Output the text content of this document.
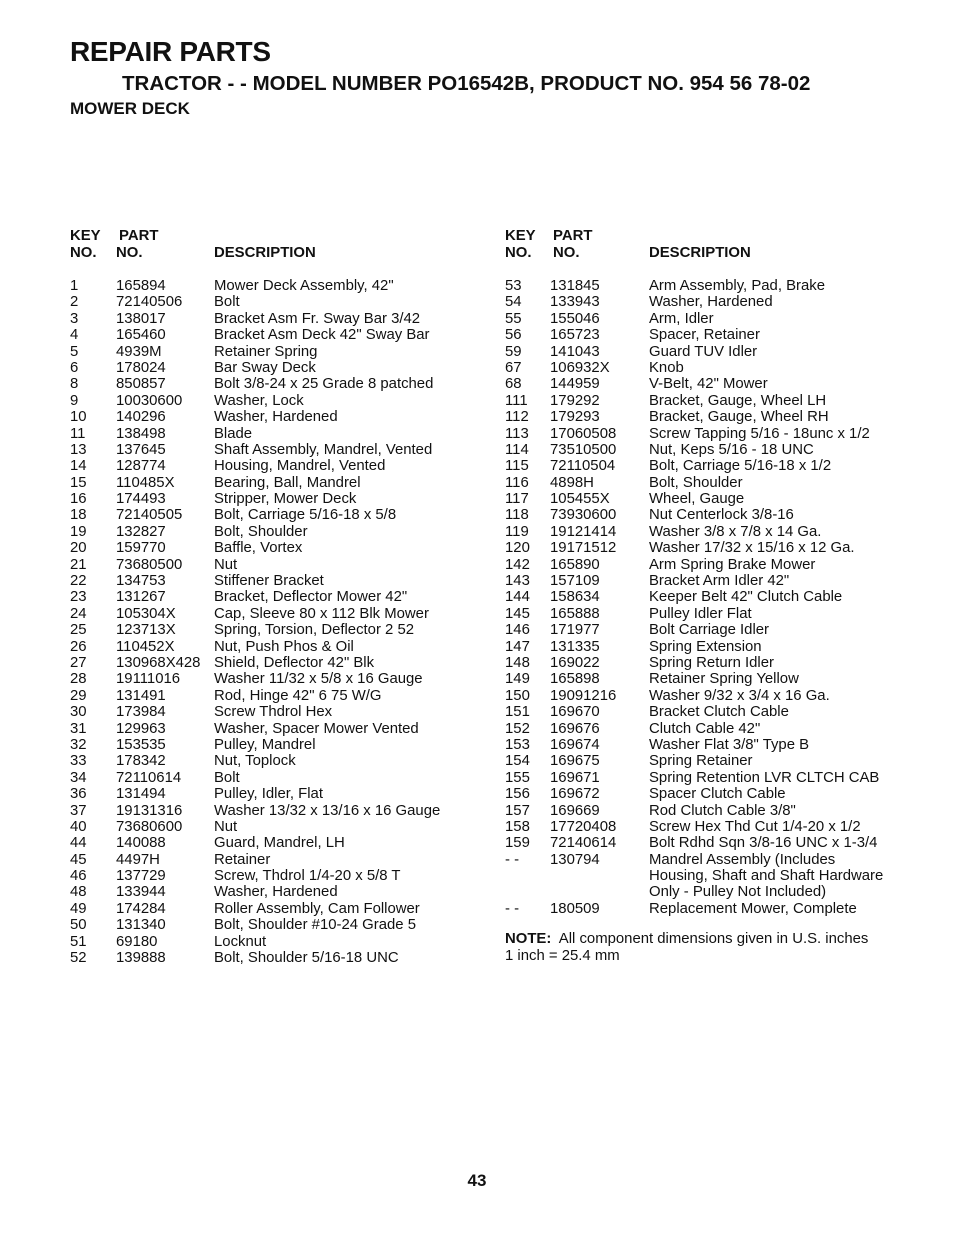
REPAIR PARTS
TRACTOR - - MODEL NUMBER PO16542B, PRODUCT NO. 954 56 78-02
MOWER DECK
KEY
NO.
PART
NO.	DESCRIPTION
1	165894	Mower Deck Assembly, 42"
2	72140506 Bolt
3	138017	Bracket Asm Fr. Sway Bar 3/42
4	165460	Bracket Asm Deck 42" Sway Bar
5	4939M	Retainer Spring
6	178024	Bar Sway Deck
8	850857	Bolt 3/8-24 x 25 Grade 8 patched
9	10030600 Washer, Lock
10 140296	Washer, Hardened
11 138498	Blade
13 137645	Shaft Assembly, Mandrel, Vented
14 128774	Housing, Mandrel, Vented
15 110485X	Bearing, Ball, Mandrel
16 174493	Stripper, Mower Deck
18 72140505 Bolt, Carriage 5/16-18 x 5/8
19 132827	Bolt, Shoulder
20 159770	Baffle, Vortex
21 73680500 Nut
22 134753	Stiffener Bracket
23 131267	Bracket, Deflector Mower 42"
24 105304X	Cap, Sleeve 80 x 112 Blk Mower
25 123713X	Spring, Torsion, Deflector 2 52
26 110452X	Nut, Push Phos & Oil
27 130968X428 Shield, Deflector 42" Blk
28 19111016 Washer 11/32 x 5/8 x 16 Gauge
29 131491	Rod, Hinge 42" 6 75 W/G
30 173984	Screw Thdrol Hex
31 129963	Washer, Spacer Mower Vented
32 153535	Pulley, Mandrel
33 178342	Nut, Toplock
34 72110614 Bolt
36 131494	Pulley, Idler, Flat
37 19131316 Washer 13/32 x 13/16 x 16 Gauge
40 73680600 Nut
44 140088	Guard, Mandrel, LH
45 4497H	Retainer
46 137729	Screw, Thdrol 1/4-20 x 5/8 T
48 133944	Washer, Hardened
49 174284	Roller Assembly, Cam Follower
50 131340	Bolt, Shoulder #10-24 Grade 5
51 69180	Locknut
52 139888	Bolt, Shoulder 5/16-18 UNC
KEY
NO.
PART
NO.	DESCRIPTION
53 131845	Arm Assembly, Pad, Brake
54 133943	Washer, Hardened
55 155046	Arm, Idler
56 165723	Spacer, Retainer
59 141043	Guard TUV Idler
67 106932X	Knob
68 144959	V-Belt, 42" Mower
111 179292	Bracket, Gauge, Wheel LH
112 179293	Bracket, Gauge, Wheel RH
113 17060508 Screw Tapping 5/16 - 18unc x 1/2
114 73510500 Nut, Keps 5/16 - 18 UNC
115 72110504 Bolt, Carriage 5/16-18 x 1/2
116 4898H	Bolt, Shoulder
117 105455X	Wheel, Gauge
118 73930600 Nut Centerlock 3/8-16
119 19121414 Washer 3/8 x 7/8 x 14 Ga.
120 19171512 Washer 17/32 x 15/16 x 12 Ga.
142 165890	Arm Spring Brake Mower
143 157109	Bracket Arm Idler 42"
144 158634	Keeper Belt 42" Clutch Cable
145 165888	Pulley Idler Flat
146 171977	Bolt Carriage Idler
147 131335	Spring Extension
148 169022	Spring Return Idler
149 165898	Retainer Spring Yellow
150 19091216 Washer 9/32 x 3/4 x 16 Ga.
151 169670	Bracket Clutch Cable
152 169676	Clutch Cable 42"
153 169674	Washer Flat 3/8" Type B
154 169675	Spring Retainer
155 169671	Spring Retention LVR CLTCH CAB
156 169672	Spacer Clutch Cable
157 169669	Rod Clutch Cable 3/8"
158 17720408 Screw Hex Thd Cut 1/4-20 x 1/2
159 72140614 Bolt Rdhd Sqn 3/8-16 UNC x 1-3/4
- - 130794	Mandrel Assembly (Includes
Housing, Shaft and Shaft Hardware
Only - Pulley Not Included)
- - 180509	Replacement Mower, Complete
NOTE: All component dimensions given in U.S. inches
1 inch = 25.4 mm
43
